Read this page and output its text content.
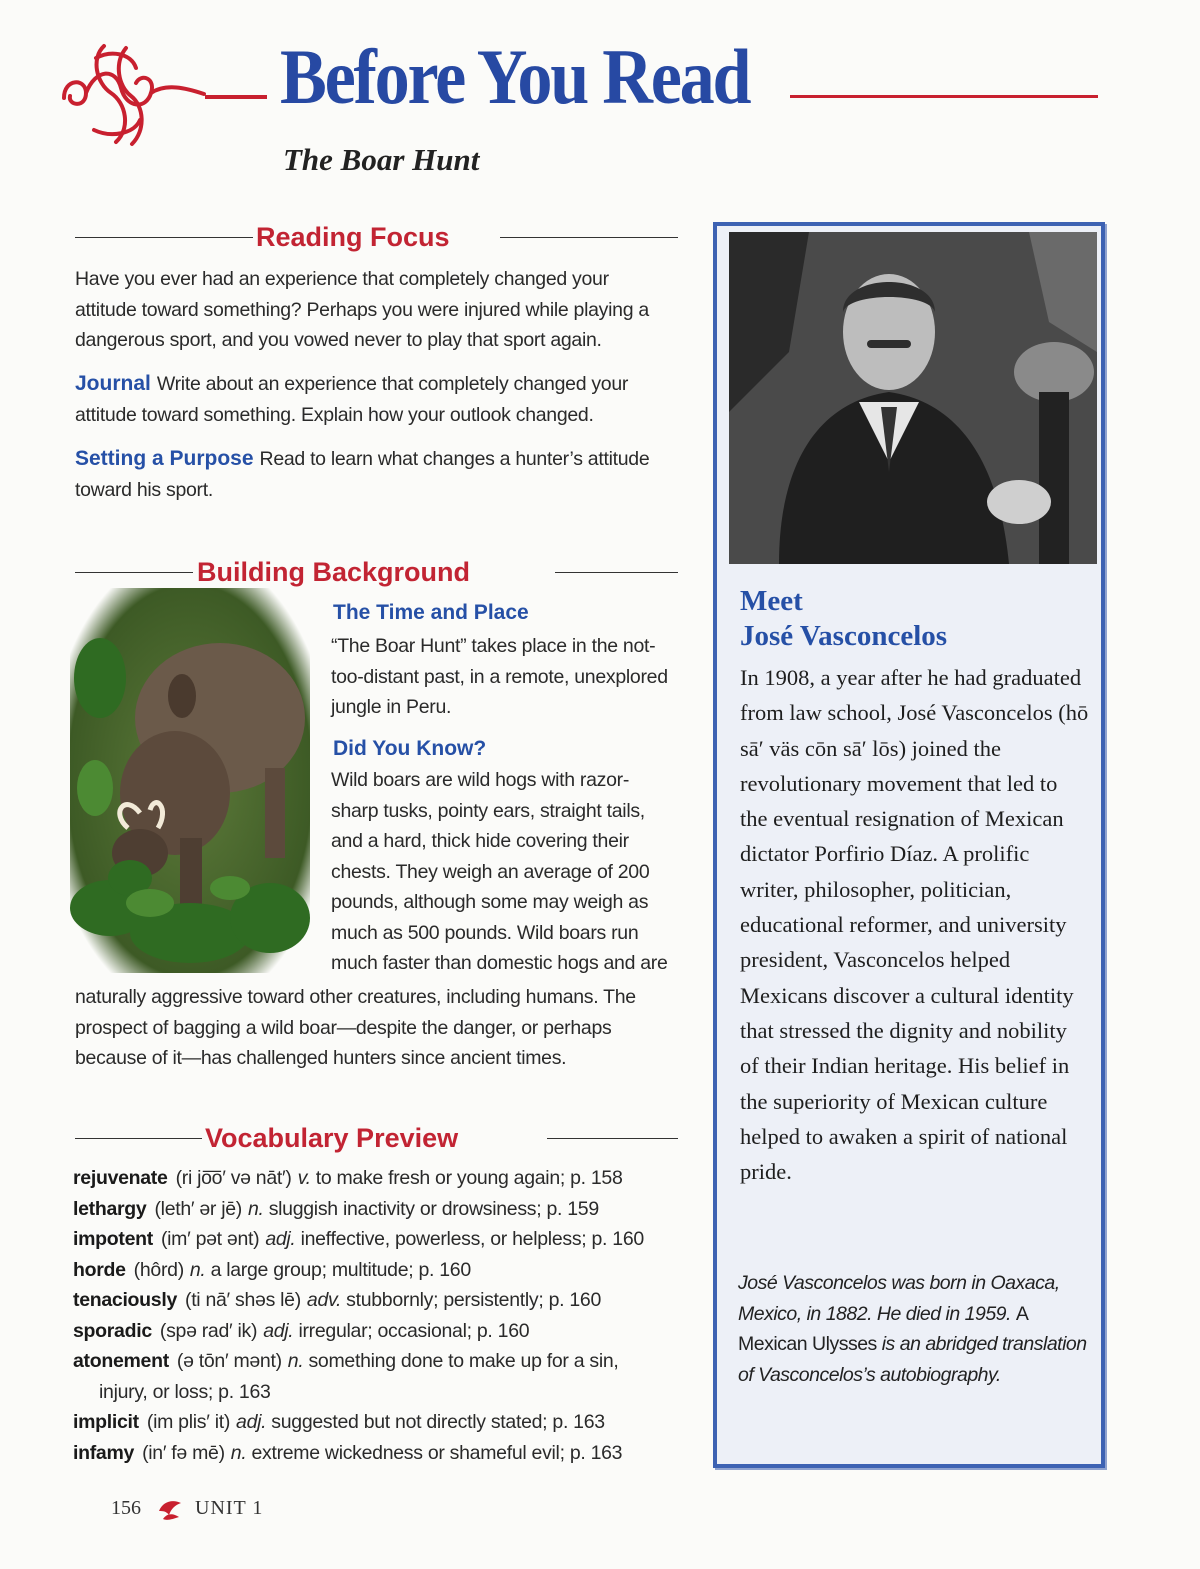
Before You Read
The Boar Hunt
Reading Focus

Have you ever had an experience that completely changed your attitude toward something? Perhaps you were injured while playing a dangerous sport, and you vowed never to play that sport again.

Journal Write about an experience that completely changed your attitude toward something. Explain how your outlook changed.

Setting a Purpose Read to learn what changes a hunter’s attitude toward his sport.

Building Background
The Time and Place

“The Boar Hunt” takes place in the not-too-distant past, in a remote, unexplored jungle in Peru.

Did You Know?

Wild boars are wild hogs with razor-sharp tusks, pointy ears, straight tails, and a hard, thick hide covering their chests. They weigh an average of 200 pounds, although some may weigh as much as 500 pounds. Wild boars run much faster than domestic hogs and are

naturally aggressive toward other creatures, including humans. The prospect of bagging a wild boar—despite the danger, or perhaps because of it—has challenged hunters since ancient times.

Vocabulary Preview
rejuvenate (ri jo͞o′ və nāt′) v. to make fresh or young again; p. 158
lethargy (leth′ ər jē) n. sluggish inactivity or drowsiness; p. 159
impotent (im′ pət ənt) adj. ineffective, powerless, or helpless; p. 160
horde (hôrd) n. a large group; multitude; p. 160
tenaciously (ti nā′ shəs lē) adv. stubbornly; persistently; p. 160
sporadic (spə rad′ ik) adj. irregular; occasional; p. 160
atonement (ə tōn′ mənt) n. something done to make up for a sin,
injury, or loss; p. 163
implicit (im plis′ it) adj. suggested but not directly stated; p. 163
infamy (in′ fə mē) n. extreme wickedness or shameful evil; p. 163
156	UNIT 1
Meet
José Vasconcelos

In 1908, a year after he had graduated from law school, José Vasconcelos (hō sā′ väs cōn sā′ lōs) joined the revolutionary movement that led to the eventual resignation of Mexican dictator Porfirio Díaz. A prolific writer, philosopher, politician, educational reformer, and university president, Vasconcelos helped Mexicans discover a cultural identity that stressed the dignity and nobility of their Indian heritage. His belief in the superiority of Mexican culture helped to awaken a spirit of national pride.

José Vasconcelos was born in Oaxaca, Mexico, in 1882. He died in 1959. A Mexican Ulysses is an abridged translation of Vasconcelos’s autobiography.
